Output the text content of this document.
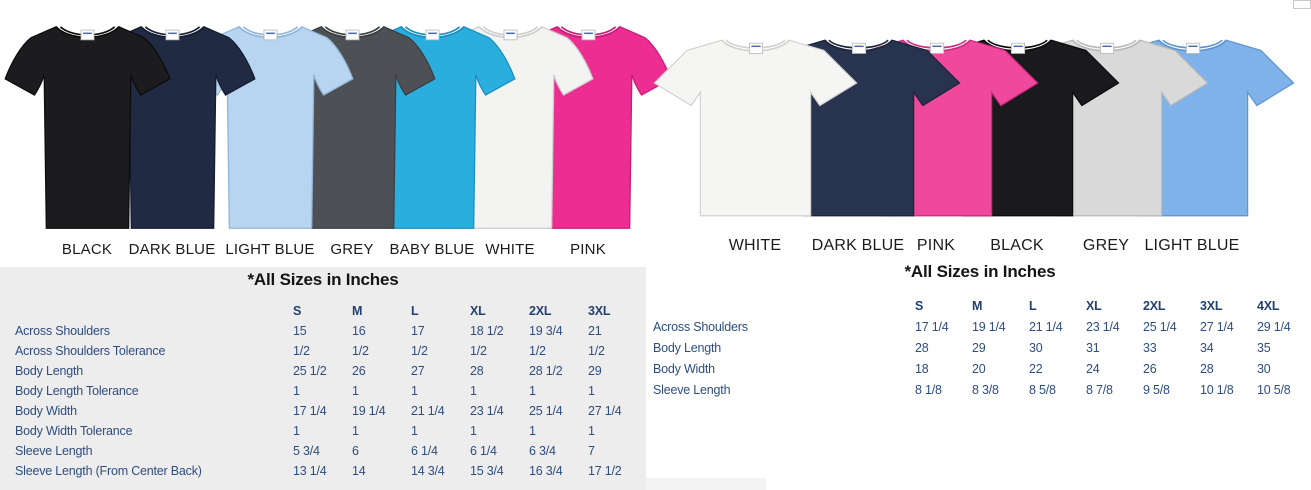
BLACK DARK BLUE LIGHT BLUE GREY BABY BLUE WHITE PINK	WHITE DARK BLUE PINK BLACK GREY LIGHT BLUE
*All Sizes in Inches
S	M	L	XL	2XL	3XL
Across Shoulders	15	16	17	18 1/2	19 3/4	21
Across Shoulders Tolerance	1/2	1/2	1/2	1/2	1/2	1/2
Body Length	25 1/2	26	27	28	28 1/2	29
Body Length Tolerance	1	1	1	1	1	1
Body Width	17 1/4	19 1/4	21 1/4	23 1/4	25 1/4	27 1/4
Body Width Tolerance	1	1	1	1	1	1
Sleeve Length	5 3/4	6	6 1/4	6 1/4	6 3/4	7
Sleeve Length (From Center Back)	13 1/4	14	14 3/4	15 3/4	16 3/4	17 1/2
*All Sizes in Inches
S	M	L	XL	2XL	3XL	4XL
Across Shoulders	17 1/4	19 1/4	21 1/4	23 1/4	25 1/4	27 1/4	29 1/4
Body Length	28	29	30	31	33	34	35
Body Width	18	20	22	24	26	28	30
Sleeve Length	8 1/8	8 3/8	8 5/8	8 7/8	9 5/8	10 1/8	10 5/8
